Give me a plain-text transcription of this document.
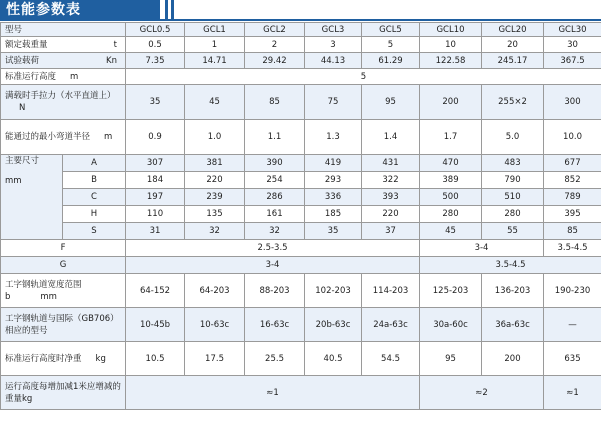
性能参数表
型号		GCL0.5	GCL1	GCL2	GCL3	GCL5	GCL10	GCL20	GCL30
额定载重量 t		0.5	1	2	3	5	10	20	30
试验载荷 Kn		7.35	14.71	29.42	44.13	61.29	122.58	245.17	367.5
标准运行高度 m		5							
满载时手拉力（水平直道上）N		35	45	85	75	95	200	255×2	300
能通过的最小弯道半径 m		0.9	1.0	1.1	1.3	1.4	1.7	5.0	10.0

主要尺寸
mm	A	307	381	390	419	431	470	483	677
	B	184	220	254	293	322	389	790	852
	C	197	239	286	336	393	500	510	789
	H	110	135	161	185	220	280	280	395
	S	31	32	32	35	37	45	55	85
F		2.5-3.5					3-4		3.5-4.5
G		3-4					3.5-4.5		

工字钢轨道宽度范围
b mm		64-152	64-203	88-203	102-203	114-203	125-203	136-203	190-230
工字钢轨道与国际（GB706）相应的型号		10-45b	10-63c	16-63c	20b-63c	24a-63c	30a-60c	36a-63c	—
标准运行高度时净重 kg		10.5	17.5	25.5	40.5	54.5	95	200	635
运行高度每增加减1米应增减的重量kg		≈1					≈2		≈1
